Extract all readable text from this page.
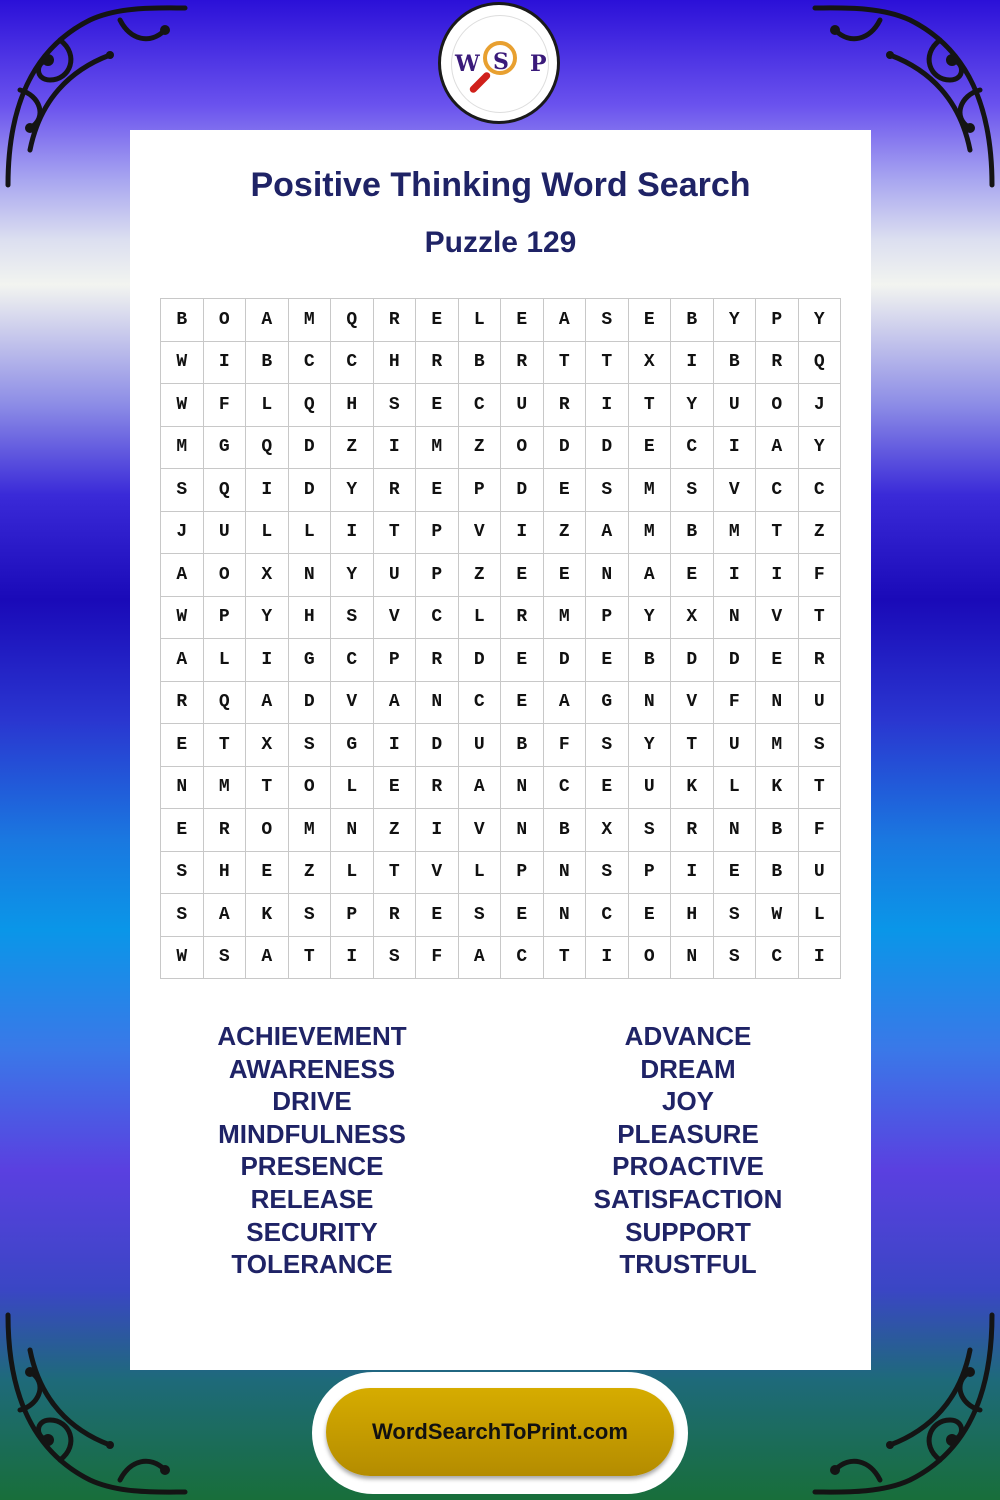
W S P
Positive Thinking Word Search
Puzzle 129
B	O	A	M	Q	R	E	L	E	A	S	E	B	Y	P	Y
W	I	B	C	C	H	R	B	R	T	T	X	I	B	R	Q
W	F	L	Q	H	S	E	C	U	R	I	T	Y	U	O	J
M	G	Q	D	Z	I	M	Z	O	D	D	E	C	I	A	Y
S	Q	I	D	Y	R	E	P	D	E	S	M	S	V	C	C
J	U	L	L	I	T	P	V	I	Z	A	M	B	M	T	Z
A	O	X	N	Y	U	P	Z	E	E	N	A	E	I	I	F
W	P	Y	H	S	V	C	L	R	M	P	Y	X	N	V	T
A	L	I	G	C	P	R	D	E	D	E	B	D	D	E	R
R	Q	A	D	V	A	N	C	E	A	G	N	V	F	N	U
E	T	X	S	G	I	D	U	B	F	S	Y	T	U	M	S
N	M	T	O	L	E	R	A	N	C	E	U	K	L	K	T
E	R	O	M	N	Z	I	V	N	B	X	S	R	N	B	F
S	H	E	Z	L	T	V	L	P	N	S	P	I	E	B	U
S	A	K	S	P	R	E	S	E	N	C	E	H	S	W	L
W	S	A	T	I	S	F	A	C	T	I	O	N	S	C	I
ACHIEVEMENT
AWARENESS
DRIVE
MINDFULNESS
PRESENCE
RELEASE
SECURITY
TOLERANCE
ADVANCE
DREAM
JOY
PLEASURE
PROACTIVE
SATISFACTION
SUPPORT
TRUSTFUL
WordSearchToPrint.com
